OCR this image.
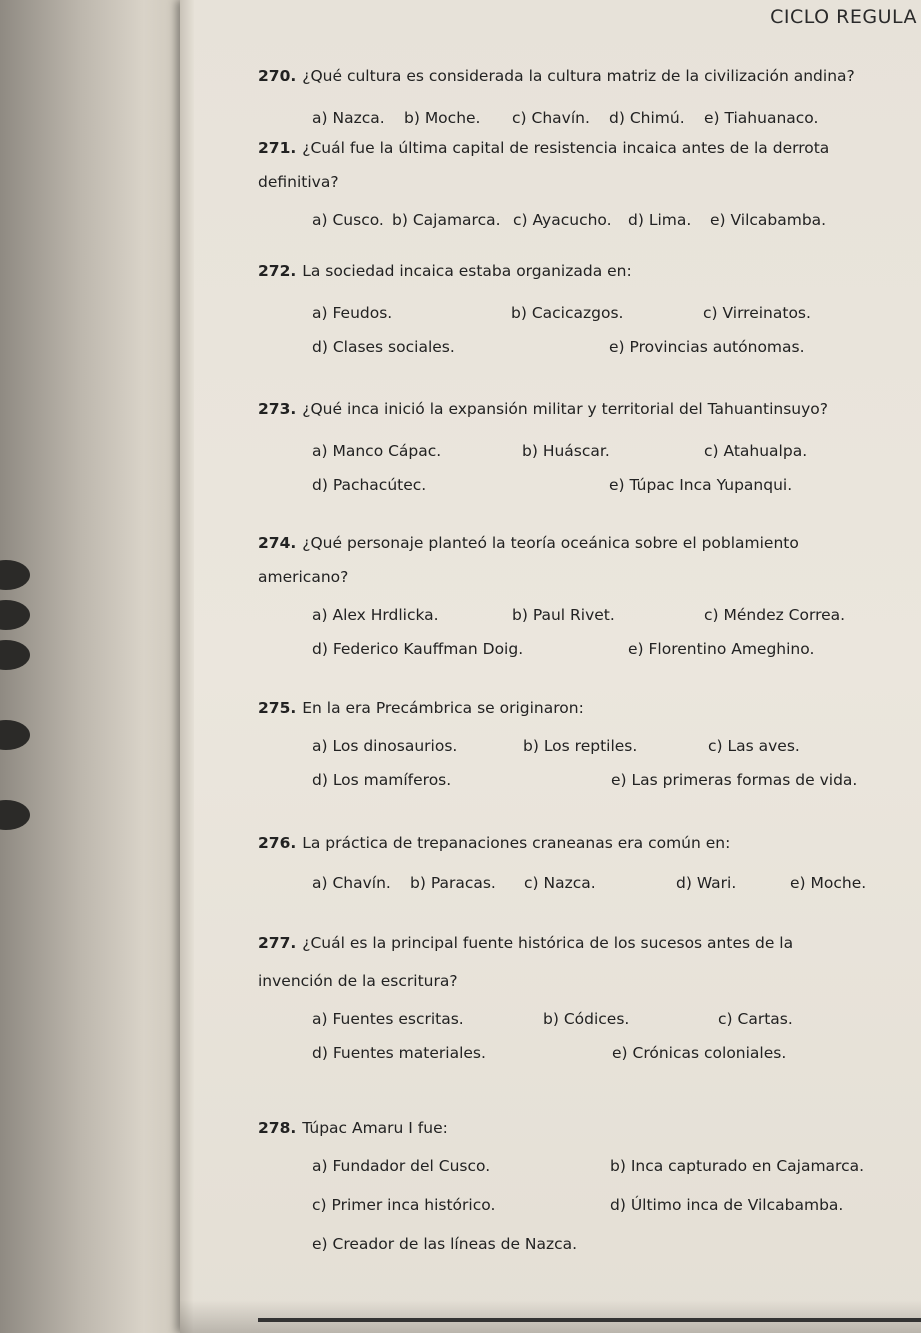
CICLO REGULA
270. ¿Qué cultura es considerada la cultura matriz de la civilización andina?
a) Nazca. b) Moche. c) Chavín. d) Chimú. e) Tiahuanaco.
271. ¿Cuál fue la última capital de resistencia incaica antes de la derrota
definitiva?
a) Cusco. b) Cajamarca. c) Ayacucho. d) Lima. e) Vilcabamba.
272. La sociedad incaica estaba organizada en:
a) Feudos.	b) Cacicazgos.	c) Virreinatos.
d) Clases sociales.	e) Provincias autónomas.
273. ¿Qué inca inició la expansión militar y territorial del Tahuantinsuyo?
a) Manco Cápac.	b) Huáscar.	c) Atahualpa.
d) Pachacútec.	e) Túpac Inca Yupanqui.
274. ¿Qué personaje planteó la teoría oceánica sobre el poblamiento
americano?
a) Alex Hrdlicka.	b) Paul Rivet.	c) Méndez Correa.
d) Federico Kauffman Doig.	e) Florentino Ameghino.
275. En la era Precámbrica se originaron:
a) Los dinosaurios.	b) Los reptiles.	c) Las aves.
d) Los mamíferos.	e) Las primeras formas de vida.
276. La práctica de trepanaciones craneanas era común en:
a) Chavín. b) Paracas. c) Nazca.	d) Wari.	e) Moche.
277. ¿Cuál es la principal fuente histórica de los sucesos antes de la
invención de la escritura?
a) Fuentes escritas.	b) Códices.	c) Cartas.
d) Fuentes materiales.	e) Crónicas coloniales.
278. Túpac Amaru I fue:
a) Fundador del Cusco.	b) Inca capturado en Cajamarca.
c) Primer inca histórico.	d) Último inca de Vilcabamba.
e) Creador de las líneas de Nazca.
